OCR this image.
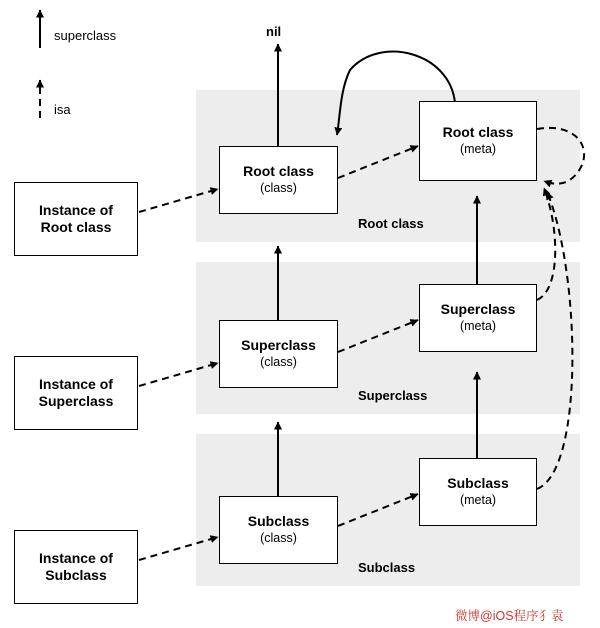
Root class
Superclass
Subclass
superclass
isa
nil
Instance of
Root class
Instance of
Superclass
Instance of
Subclass
Root class
(class)
Superclass
(class)
Subclass
(class)
Root class
(meta)
Superclass
(meta)
Subclass
(meta)
微博@iOS程序犭袁
